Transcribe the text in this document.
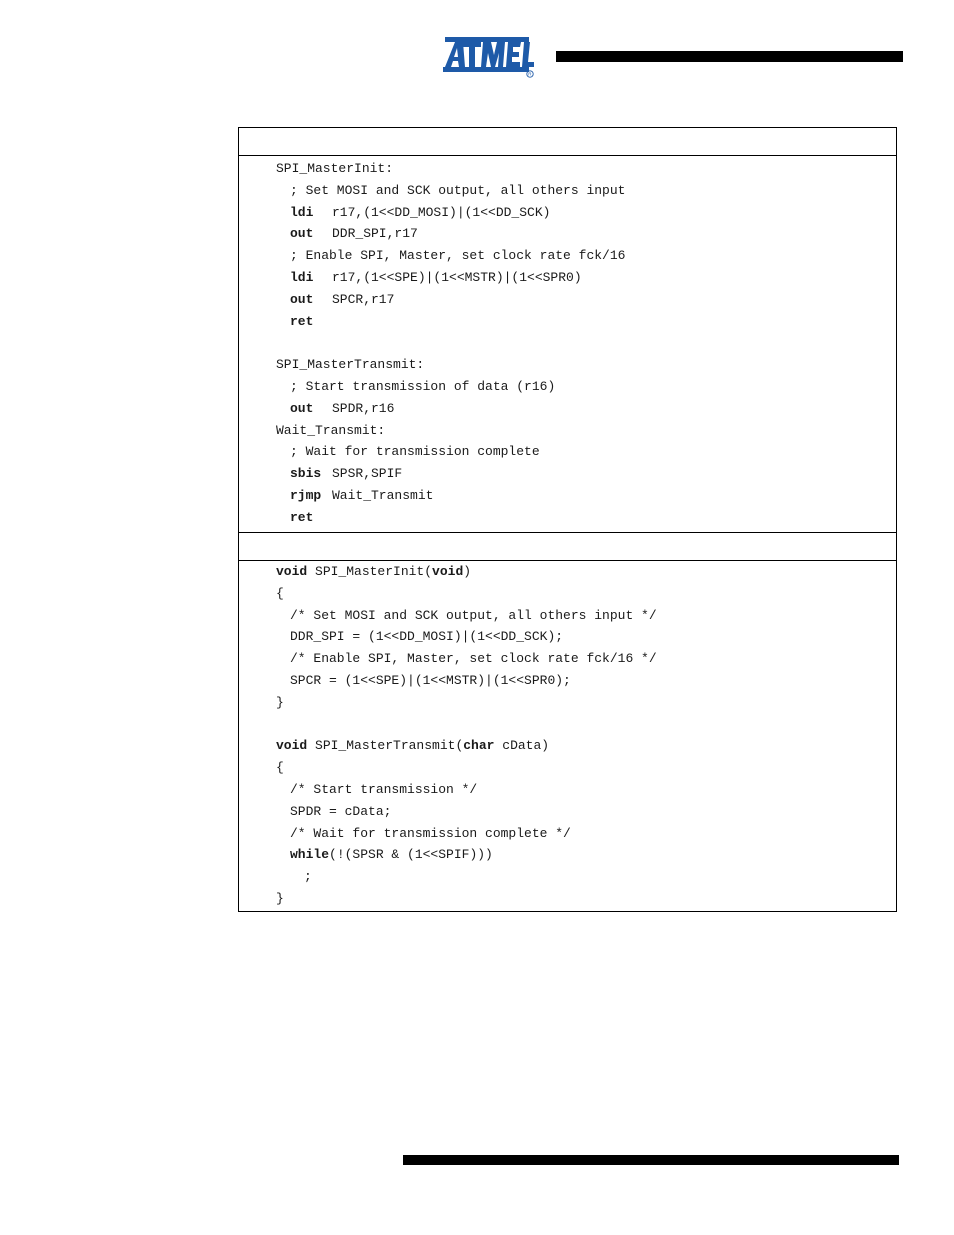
R
SPI_MasterInit:
; Set MOSI and SCK output, all others input
ldi r17,(1<<DD_MOSI)|(1<<DD_SCK)
out DDR_SPI,r17
; Enable SPI, Master, set clock rate fck/16
ldi r17,(1<<SPE)|(1<<MSTR)|(1<<SPR0)
out SPCR,r17
ret
SPI_MasterTransmit:
; Start transmission of data (r16)
out SPDR,r16
Wait_Transmit:
; Wait for transmission complete
sbis SPSR,SPIF
rjmp Wait_Transmit
ret
void SPI_MasterInit(void)
{
/* Set MOSI and SCK output, all others input */
DDR_SPI = (1<<DD_MOSI)|(1<<DD_SCK);
/* Enable SPI, Master, set clock rate fck/16 */
SPCR = (1<<SPE)|(1<<MSTR)|(1<<SPR0);
}
void SPI_MasterTransmit(char cData)
{
/* Start transmission */
SPDR = cData;
/* Wait for transmission complete */
while(!(SPSR & (1<<SPIF)))
;
}
